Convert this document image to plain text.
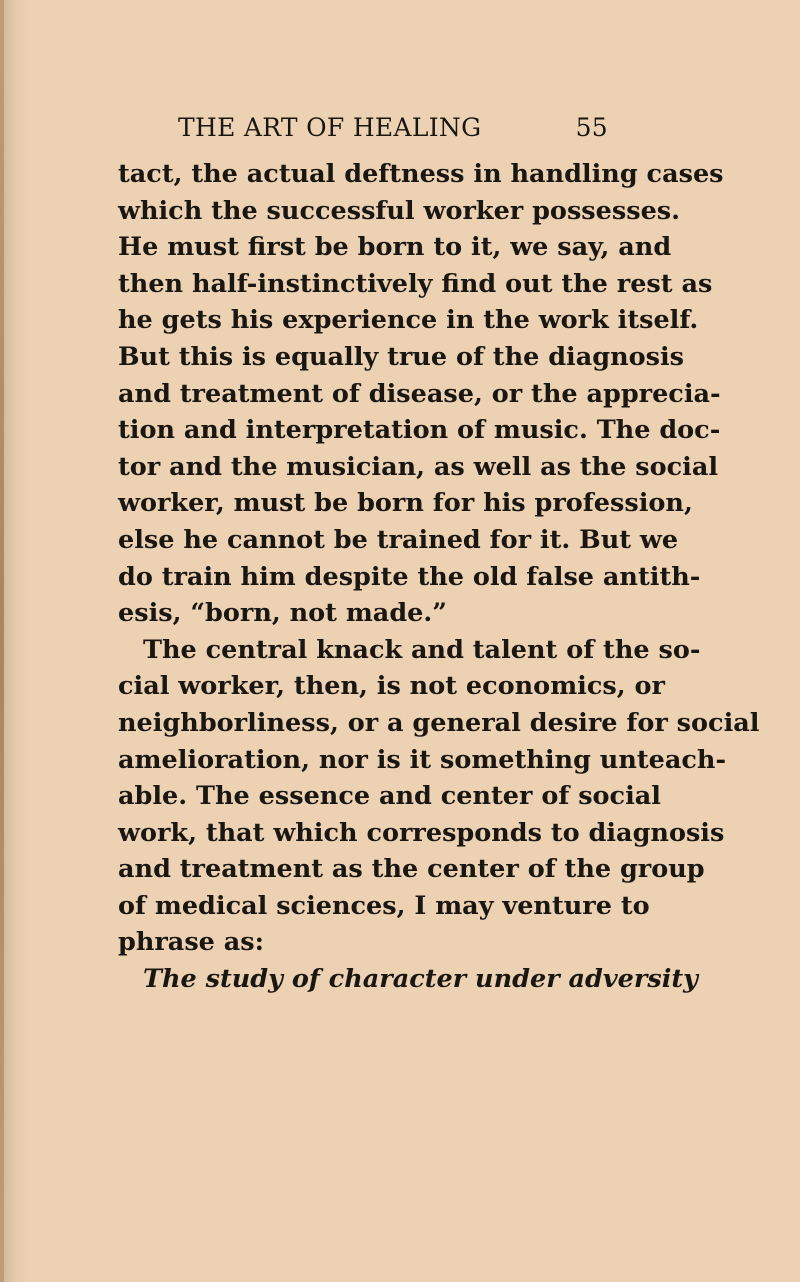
THE ART OF HEALING	55
tact, the actual deftness in handling cases
which the successful worker possesses.
He must first be born to it, we say, and
then half-instinctively find out the rest as
he gets his experience in the work itself.
But this is equally true of the diagnosis
and treatment of disease, or the apprecia-
tion and interpretation of music. The doc-
tor and the musician, as well as the social
worker, must be born for his profession,
else he cannot be trained for it. But we
do train him despite the old false antith-
esis, “born, not made.”
The central knack and talent of the so-
cial worker, then, is not economics, or
neighborliness, or a general desire for social
amelioration, nor is it something unteach-
able. The essence and center of social
work, that which corresponds to diagnosis
and treatment as the center of the group
of medical sciences, I may venture to
phrase as:
The study of character under adversity
